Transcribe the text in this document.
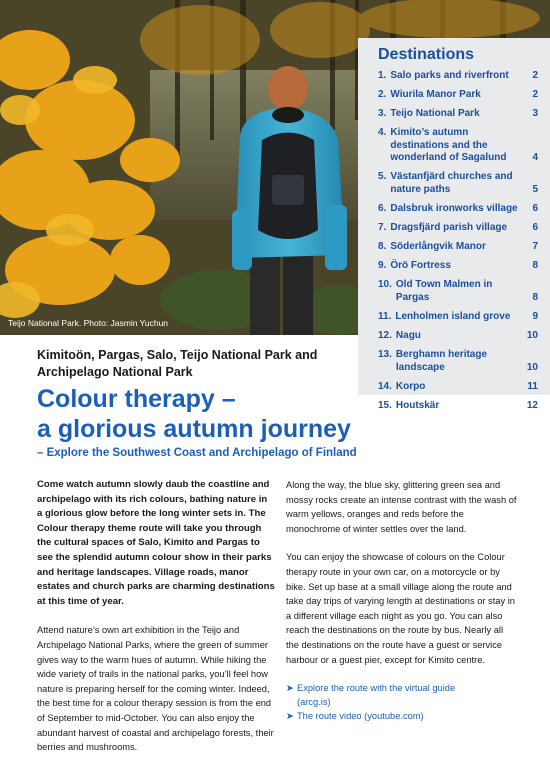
Teijo National Park. Photo: Jasmin Yuchun
Destinations
1. Salo parks and riverfront	2
2. Wiurila Manor Park	2
3. Teijo National Park	3
4. Kimito’s autumn destinations and the wonderland of Sagalund	4
5. Västanfjärd churches and nature paths	5
6. Dalsbruk ironworks village	6
7. Dragsfjärd parish village	6
8. Söderlångvik Manor	7
9. Örö Fortress	8
10. Old Town Malmen in Pargas	8
11. Lenholmen island grove	9
12. Nagu	10
13. Berghamn heritage landscape	10
14. Korpo	11
15. Houtskär	12
Kimitoön, Pargas, Salo, Teijo National Park and Archipelago National Park
Colour therapy –
a glorious autumn journey
– Explore the Southwest Coast and Archipelago of Finland

Come watch autumn slowly daub the coastline and archipelago with its rich colours, bathing nature in a glorious glow before the long winter sets in. The Colour therapy theme route will take you through the cultural spaces of Salo, Kimito and Pargas to see the splendid autumn colour show in their parks and heritage landscapes. Village roads, manor estates and church parks are charming destinations at this time of year.

Attend nature’s own art exhibition in the Teijo and Archipelago National Parks, where the green of summer gives way to the warm hues of autumn. While hiking the wide variety of trails in the national parks, you’ll feel how nature is preparing herself for the coming winter. Indeed, the best time for a colour therapy session is from the end of September to mid-October. You can also enjoy the abundant harvest of coastal and archipelago forests, their berries and mushrooms.

Along the way, the blue sky, glittering green sea and mossy rocks create an intense contrast with the wash of warm yellows, oranges and reds before the monochrome of winter settles over the land.

You can enjoy the showcase of colours on the Colour therapy route in your own car, on a motorcycle or by bike. Set up base at a small village along the route and take day trips of varying length at destinations or stay in a different village each night as you go. You can also reach the destinations on the route by bus. Nearly all the destinations on the route have a guest or service harbour or a guest pier, except for Kimito centre.

➤ Explore the route with the virtual guide
(arcg.is)
➤ The route video (youtube.com)
